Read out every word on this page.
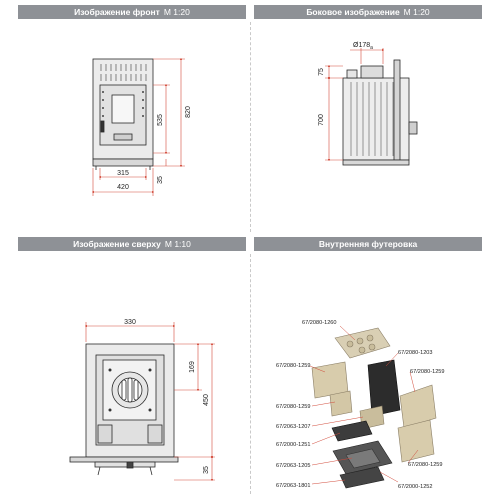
Изображение фронт М 1:20	Боковое изображение М 1:20
Изображение сверху М 1:10	Внутренняя футеровка
820
535
35
315
420
$Ø178_a$
75
700
330
169
450
35
67/2080-1260
67/2080-1203
67/2080-1259
67/2080-1259
67/2080-1259
67/2063-1207
67/2000-1251
67/2063-1205	67/2080-1259
67/2063-1801	67/2000-1252
